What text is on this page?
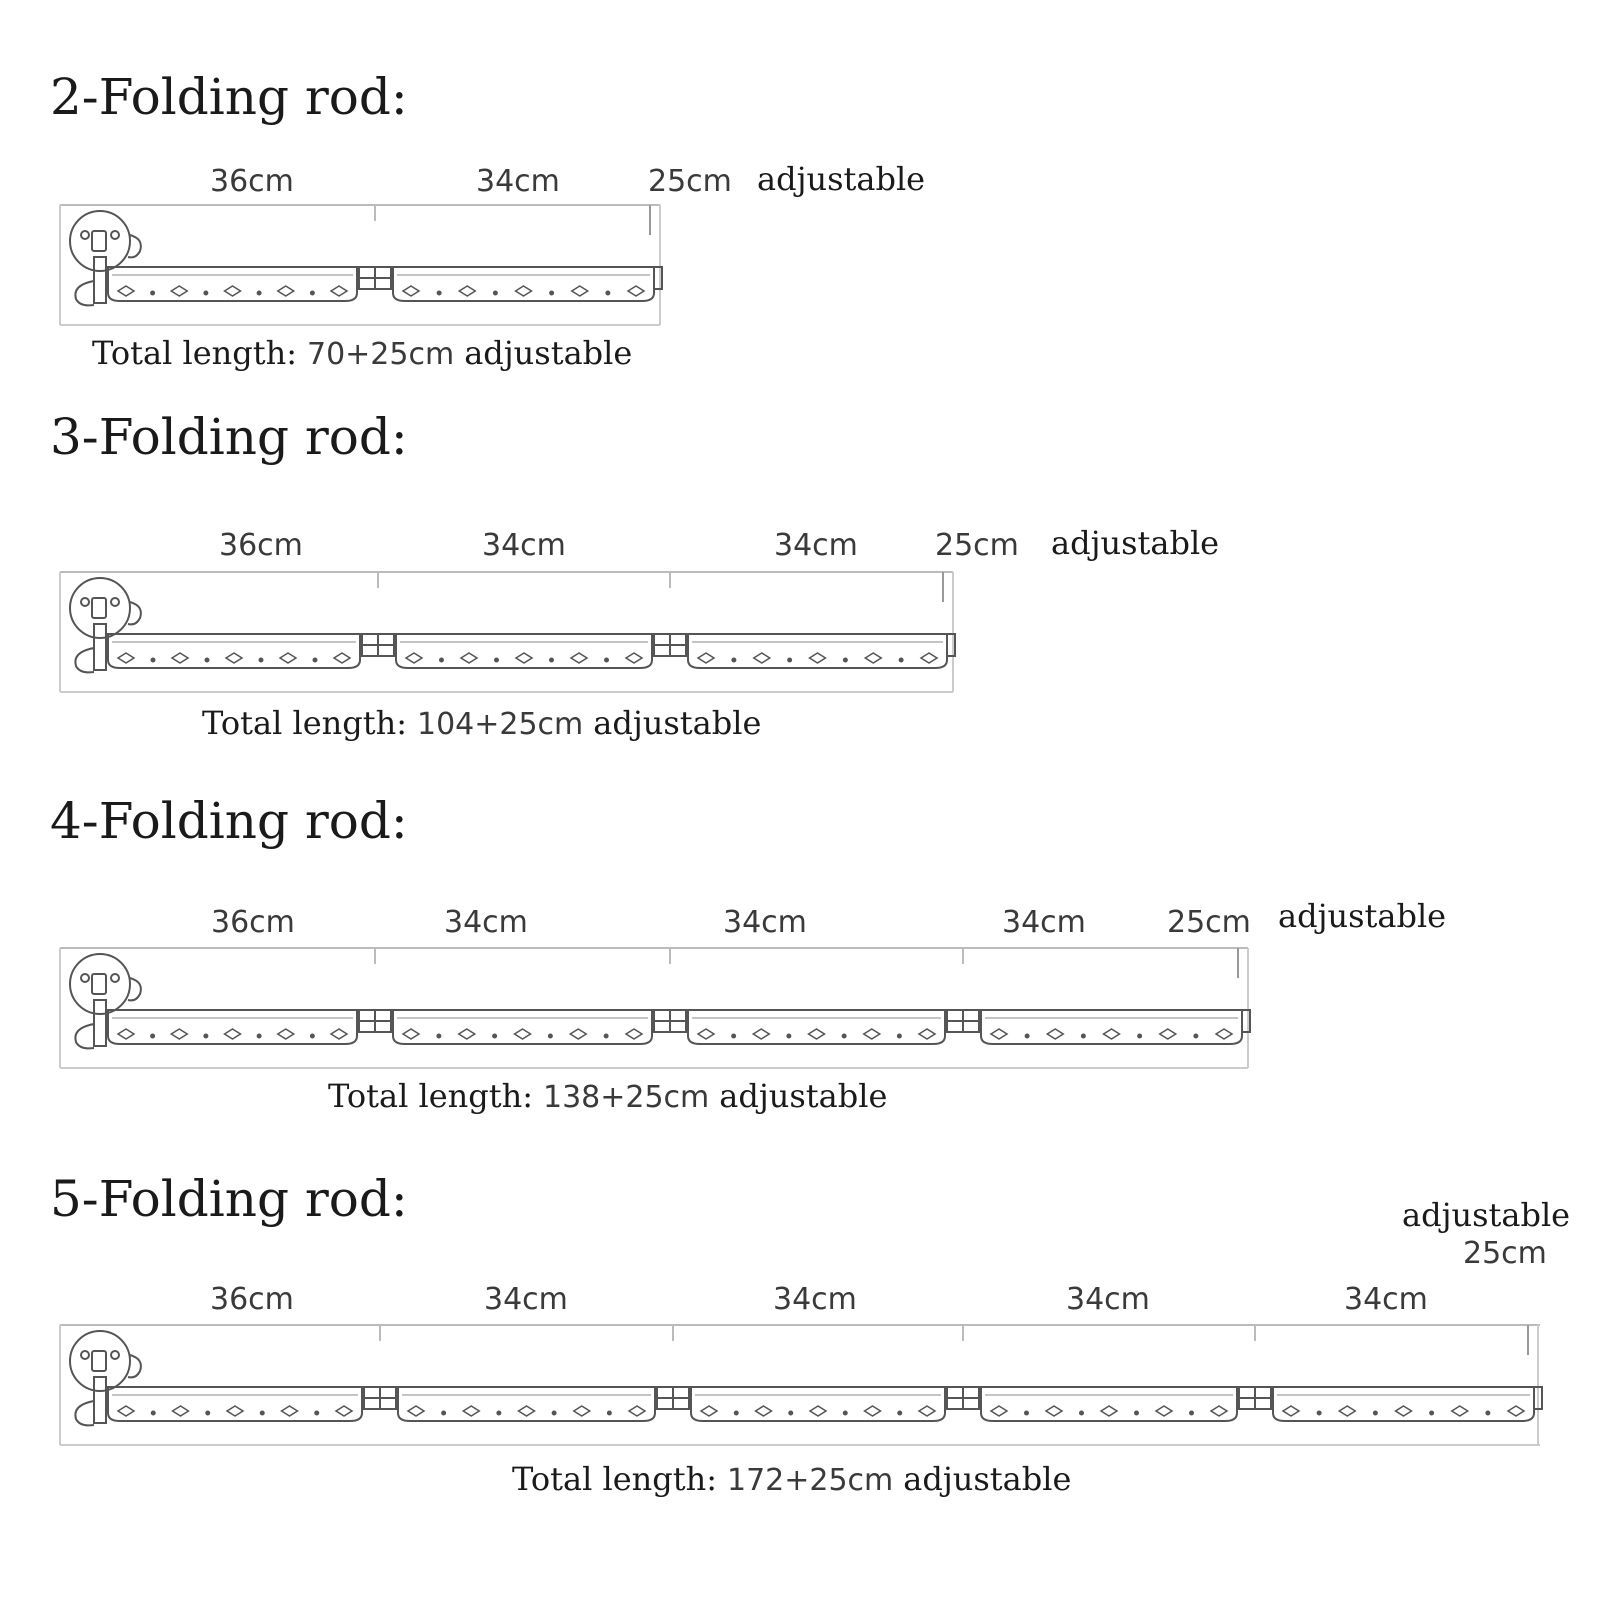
2-Folding rod:
36cm	34cm	25cm adjustable
Total length: 70+25cm adjustable
3-Folding rod:
36cm	34cm	34cm	25cm adjustable
Total length: 104+25cm adjustable
4-Folding rod:
36cm	34cm	34cm	34cm	25cm adjustable
Total length: 138+25cm adjustable
5-Folding rod:	adjustable
25cm
36cm	34cm	34cm	34cm	34cm
Total length: 172+25cm adjustable
